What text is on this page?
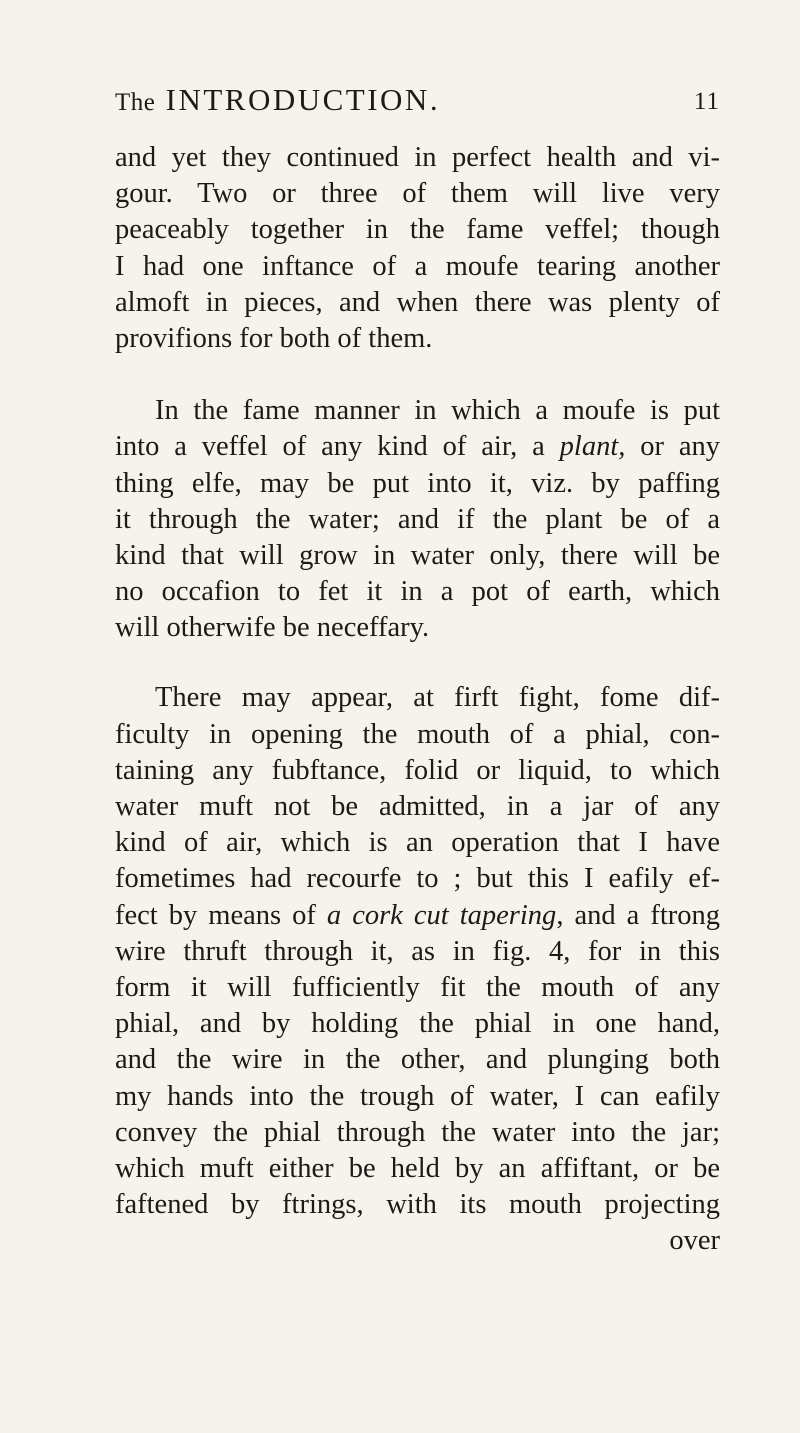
The INTRODUCTION.	11

and yet they continued in perfect health and vi-
gour. Two or three of them will live very
peaceably together in the fame veffel; though
I had one inftance of a moufe tearing another
almoft in pieces, and when there was plenty of
provifions for both of them.

In the fame manner in which a moufe is put
into a veffel of any kind of air, a plant, or any
thing elfe, may be put into it, viz. by paffing
it through the water; and if the plant be of a
kind that will grow in water only, there will be
no occafion to fet it in a pot of earth, which
will otherwife be neceffary.

There may appear, at firft fight, fome dif-
ficulty in opening the mouth of a phial, con-
taining any fubftance, folid or liquid, to which
water muft not be admitted, in a jar of any
kind of air, which is an operation that I have
fometimes had recourfe to ; but this I eafily ef-
fect by means of a cork cut tapering, and a ftrong
wire thruft through it, as in fig. 4, for in this
form it will fufficiently fit the mouth of any
phial, and by holding the phial in one hand,
and the wire in the other, and plunging both
my hands into the trough of water, I can eafily
convey the phial through the water into the jar;
which muft either be held by an affiftant, or be
faftened by ftrings, with its mouth projecting
over
